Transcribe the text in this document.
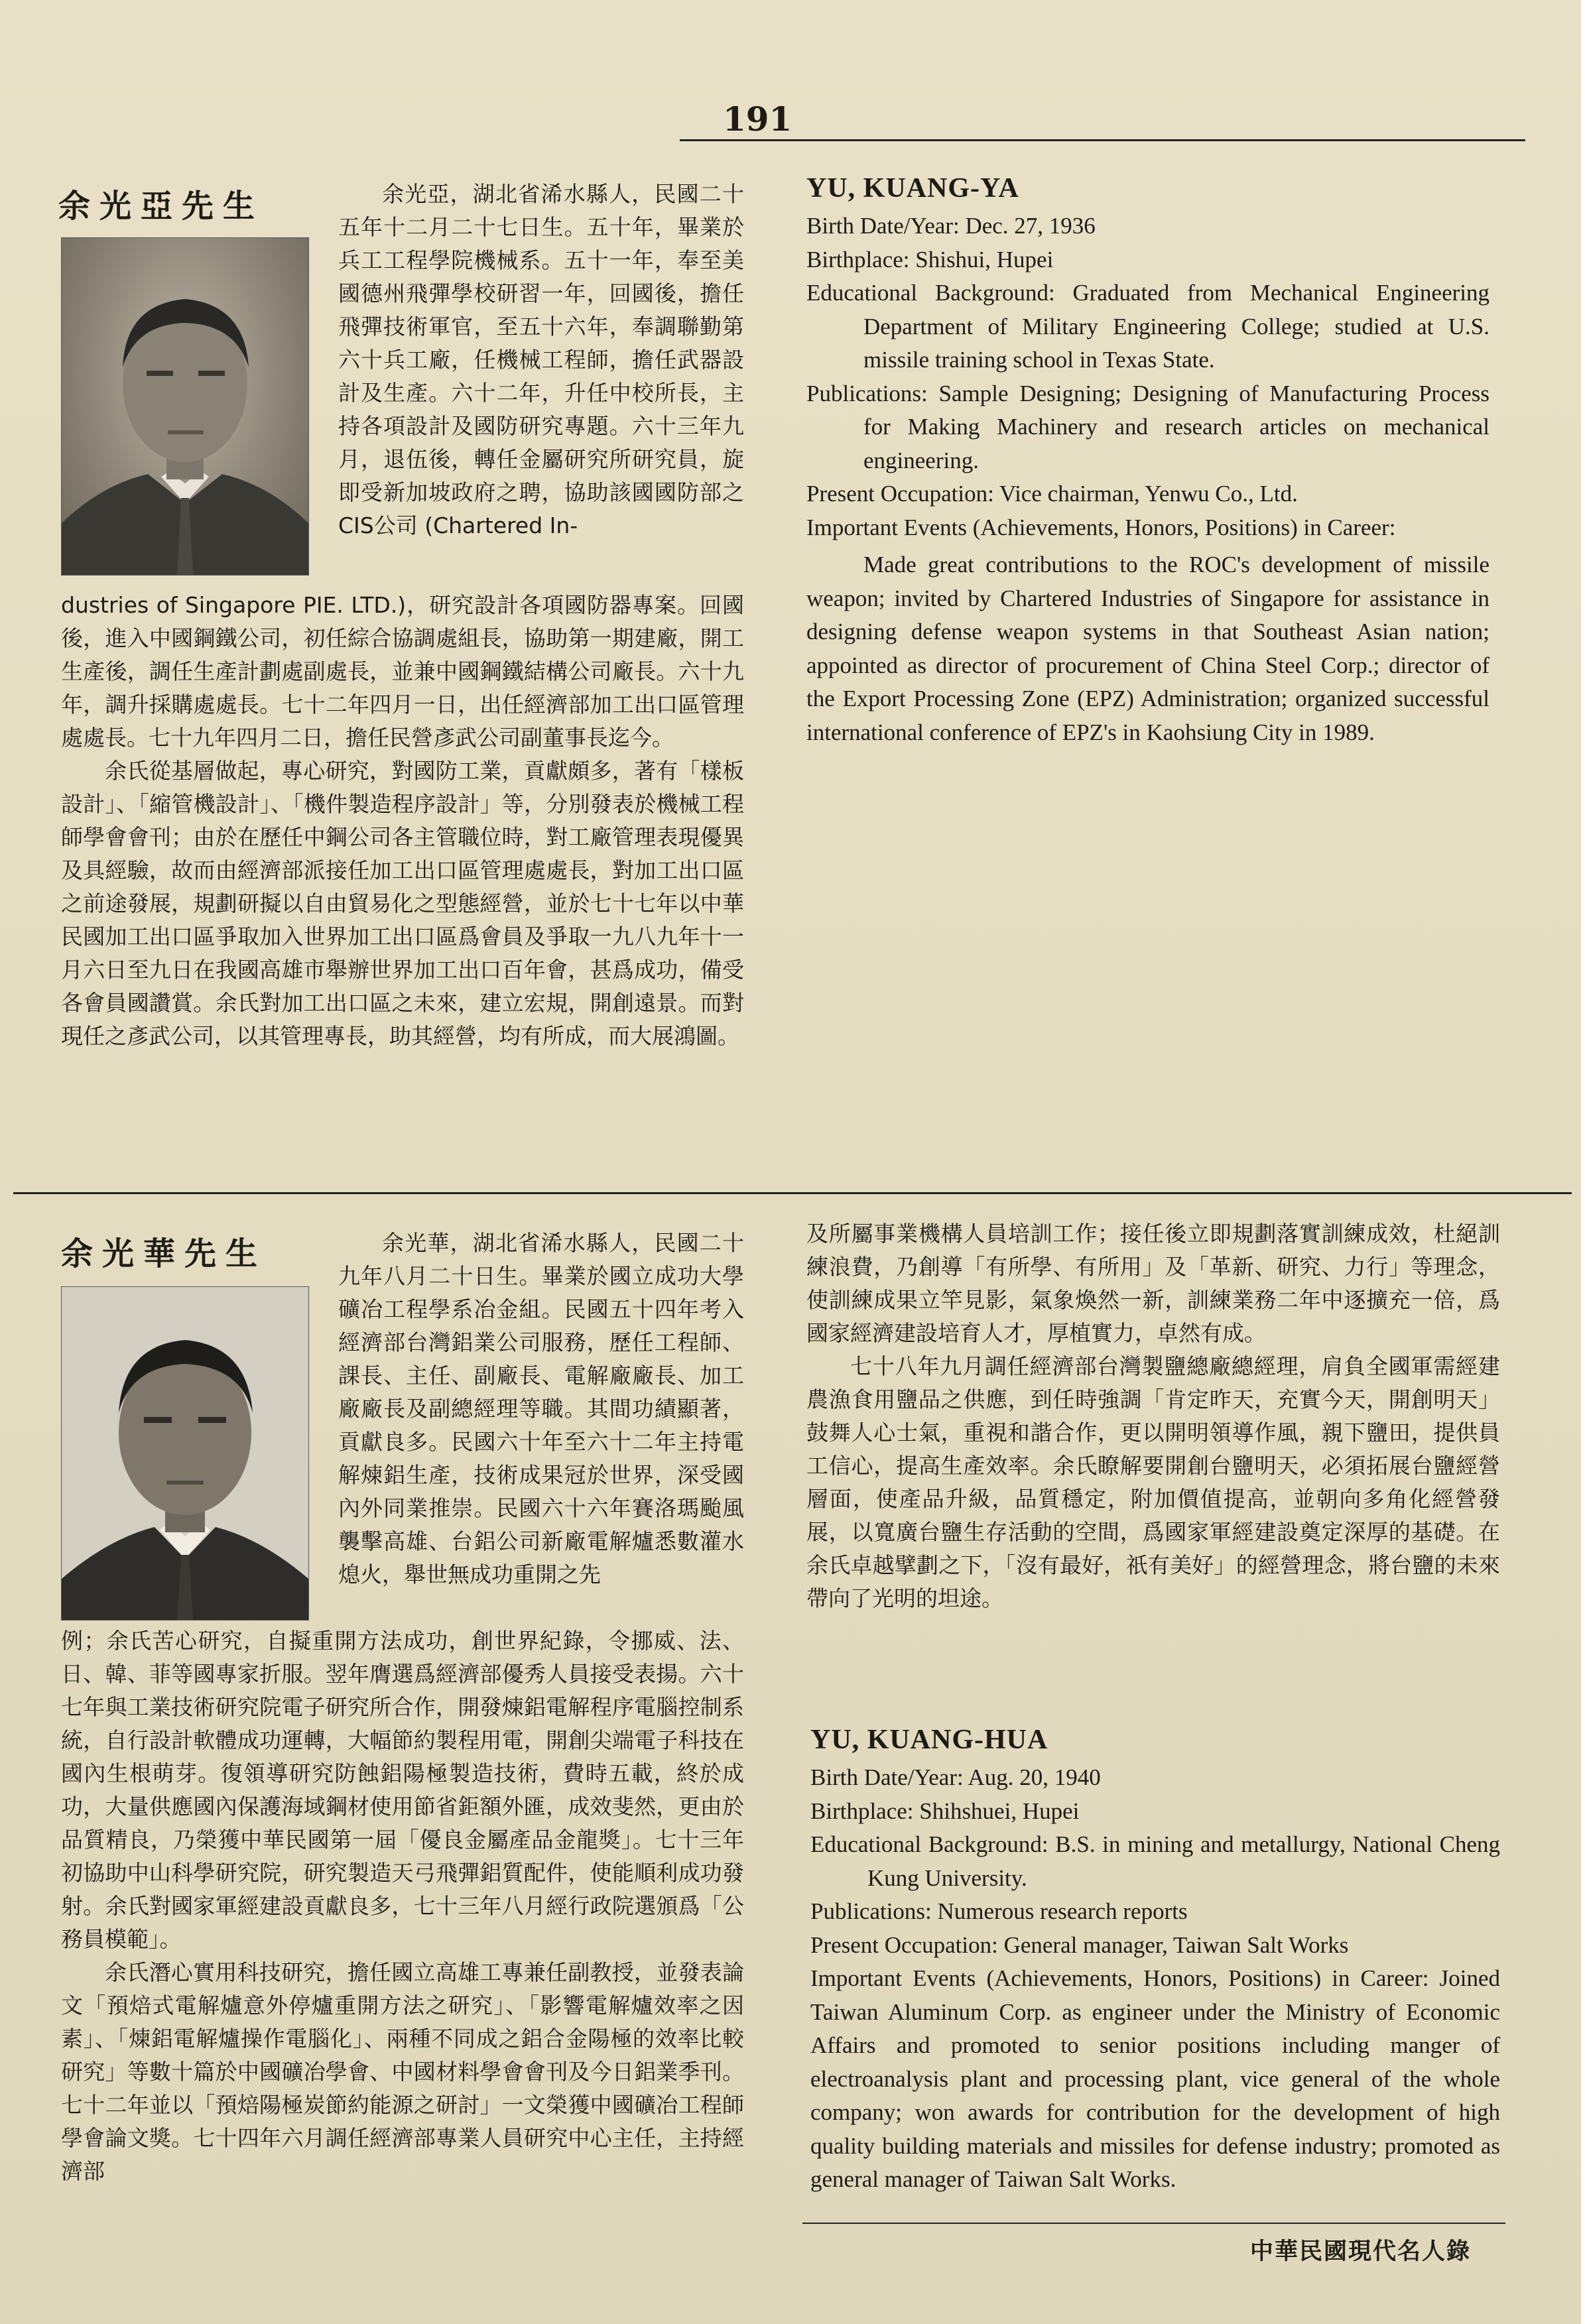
191
余光亞先生	余光亞，湖北省浠水縣人，民國二十五年十二月二十七日生。五十年，畢業於兵工工程學院機械系。五十一年，奉至美國德州飛彈學校研習一年，回國後，擔任飛彈技術軍官，至五十六年，奉調聯勤第六十兵工廠，任機械工程師，擔任武器設計及生產。六十二年，升任中校所長，主持各項設計及國防研究專題。六十三年九月，退伍後，轉任金屬研究所研究員，旋即受新加坡政府之聘，協助該國國防部之 CIS公司 (Chartered In-

dustries of Singapore PIE. LTD.)，研究設計各項國防器專案。回國後，進入中國鋼鐵公司，初任綜合協調處組長，協助第一期建廠，開工生產後，調任生產計劃處副處長，並兼中國鋼鐵結構公司廠長。六十九年，調升採購處處長。七十二年四月一日，出任經濟部加工出口區管理處處長。七十九年四月二日，擔任民營彥武公司副董事長迄今。

余氏從基層做起，專心研究，對國防工業，貢獻頗多，著有「樣板設計」、「縮管機設計」、「機件製造程序設計」等，分別發表於機械工程師學會會刊；由於在歷任中鋼公司各主管職位時，對工廠管理表現優異及具經驗，故而由經濟部派接任加工出口區管理處處長，對加工出口區之前途發展，規劃研擬以自由貿易化之型態經營，並於七十七年以中華民國加工出口區爭取加入世界加工出口區爲會員及爭取一九八九年十一月六日至九日在我國高雄市舉辦世界加工出口百年會，甚爲成功，備受各會員國讚賞。余氏對加工出口區之未來，建立宏規，開創遠景。而對現任之彥武公司，以其管理專長，助其經營，均有所成，而大展鴻圖。

YU, KUANG-YA

Birth Date/Year: Dec. 27, 1936

Birthplace: Shishui, Hupei

Educational Background: Graduated from Mechanical Engineering Department of Military Engineering College; studied at U.S. missile training school in Texas State.

Publications: Sample Designing; Designing of Manufacturing Process for Making Machinery and research articles on mechanical engineering.

Present Occupation: Vice chairman, Yenwu Co., Ltd.

Important Events (Achievements, Honors, Positions) in Career:

Made great contributions to the ROC's development of missile weapon; invited by Chartered Industries of Singapore for assistance in designing defense weapon systems in that Southeast Asian nation; appointed as director of procurement of China Steel Corp.; director of the Export Processing Zone (EPZ) Administration; organized successful international conference of EPZ's in Kaohsiung City in 1989.

余光華先生	余光華，湖北省浠水縣人，民國二十九年八月二十日生。畢業於國立成功大學礦冶工程學系冶金組。民國五十四年考入經濟部台灣鋁業公司服務，歷任工程師、課長、主任、副廠長、電解廠廠長、加工廠廠長及副總經理等職。其間功績顯著，貢獻良多。民國六十年至六十二年主持電解煉鋁生產，技術成果冠於世界，深受國內外同業推崇。民國六十六年賽洛瑪颱風襲擊高雄、台鋁公司新廠電解爐悉數灌水熄火，舉世無成功重開之先

例；余氏苦心研究，自擬重開方法成功，創世界紀錄，令挪威、法、日、韓、菲等國專家折服。翌年膺選爲經濟部優秀人員接受表揚。六十七年與工業技術研究院電子研究所合作，開發煉鋁電解程序電腦控制系統，自行設計軟體成功運轉，大幅節約製程用電，開創尖端電子科技在國內生根萌芽。復領導研究防蝕鋁陽極製造技術，費時五載，終於成功，大量供應國內保護海域鋼材使用節省鉅額外匯，成效斐然，更由於品質精良，乃榮獲中華民國第一屆「優良金屬產品金龍獎」。七十三年初協助中山科學研究院，研究製造天弓飛彈鋁質配件，使能順利成功發射。余氏對國家軍經建設貢獻良多，七十三年八月經行政院選頒爲「公務員模範」。

余氏潛心實用科技研究，擔任國立高雄工專兼任副教授，並發表論文「預焙式電解爐意外停爐重開方法之研究」、「影響電解爐效率之因素」、「煉鋁電解爐操作電腦化」、兩種不同成之鋁合金陽極的效率比較研究」等數十篇於中國礦冶學會、中國材料學會會刊及今日鋁業季刊。七十二年並以「預焙陽極炭節約能源之研討」一文榮獲中國礦冶工程師學會論文獎。七十四年六月調任經濟部專業人員研究中心主任，主持經濟部

及所屬事業機構人員培訓工作；接任後立即規劃落實訓練成效，杜絕訓練浪費，乃創導「有所學、有所用」及「革新、研究、力行」等理念，使訓練成果立竿見影，氣象煥然一新，訓練業務二年中逐擴充一倍，爲國家經濟建設培育人才，厚植實力，卓然有成。

七十八年九月調任經濟部台灣製鹽總廠總經理，肩負全國軍需經建農漁食用鹽品之供應，到任時強調「肯定昨天，充實今天，開創明天」鼓舞人心士氣，重視和諧合作，更以開明領導作風，親下鹽田，提供員工信心，提高生產效率。余氏瞭解要開創台鹽明天，必須拓展台鹽經營層面，使產品升級，品質穩定，附加價值提高，並朝向多角化經營發展，以寬廣台鹽生存活動的空間，爲國家軍經建設奠定深厚的基礎。在余氏卓越擘劃之下，「沒有最好，祇有美好」的經營理念，將台鹽的未來帶向了光明的坦途。

YU, KUANG-HUA

Birth Date/Year: Aug. 20, 1940

Birthplace: Shihshuei, Hupei

Educational Background: B.S. in mining and metallurgy, National Cheng Kung University.

Publications: Numerous research reports

Present Occupation: General manager, Taiwan Salt Works

Important Events (Achievements, Honors, Positions) in Career: Joined Taiwan Aluminum Corp. as engineer under the Ministry of Economic Affairs and promoted to senior positions including manger of electroanalysis plant and processing plant, vice general of the whole company; won awards for contribution for the development of high quality building materials and missiles for defense industry; promoted as general manager of Taiwan Salt Works.

中華民國現代名人錄
